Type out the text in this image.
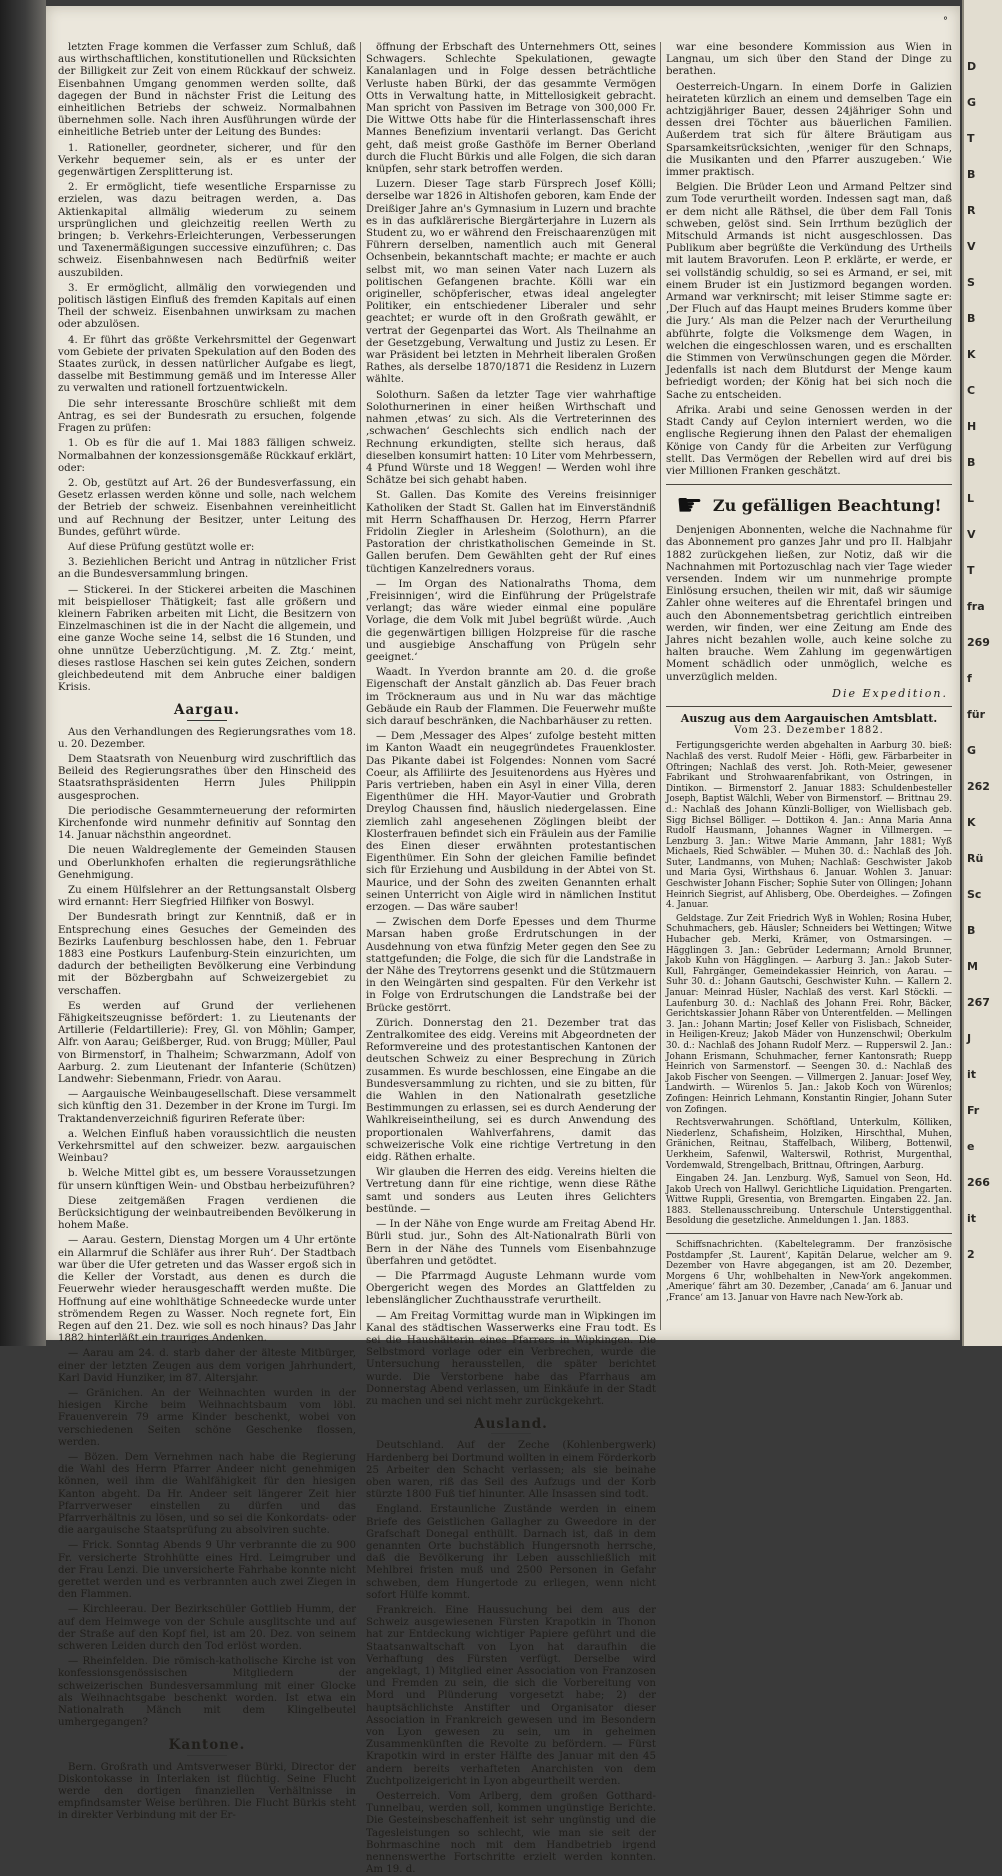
°

letzten Frage kommen die Verfasser zum Schluß, daß aus wirthschaftlichen, konstitutionellen und Rücksichten der Billigkeit zur Zeit von einem Rückkauf der schweiz. Eisenbahnen Umgang genommen werden sollte, daß dagegen der Bund in nächster Frist die Leitung des einheitlichen Betriebs der schweiz. Normalbahnen übernehmen solle. Nach ihren Ausführungen würde der einheitliche Betrieb unter der Leitung des Bundes:

1. Rationeller, geordneter, sicherer, und für den Verkehr bequemer sein, als er es unter der gegenwärtigen Zersplitterung ist.

2. Er ermöglicht, tiefe wesentliche Ersparnisse zu erzielen, was dazu beitragen werden, a. Das Aktienkapital allmälig wiederum zu seinem ursprünglichen und gleichzeitig reellen Werth zu bringen; b. Verkehrs-Erleichterungen, Verbesserungen und Taxenermäßigungen successive einzuführen; c. Das schweiz. Eisenbahnwesen nach Bedürfniß weiter auszubilden.

3. Er ermöglicht, allmälig den vorwiegenden und politisch lästigen Einfluß des fremden Kapitals auf einen Theil der schweiz. Eisenbahnen unwirksam zu machen oder abzulösen.

4. Er führt das größte Verkehrsmittel der Gegenwart vom Gebiete der privaten Spekulation auf den Boden des Staates zurück, in dessen natürlicher Aufgabe es liegt, dasselbe mit Bestimmung gemäß und im Interesse Aller zu verwalten und rationell fortzuentwickeln.

Die sehr interessante Broschüre schließt mit dem Antrag, es sei der Bundesrath zu ersuchen, folgende Fragen zu prüfen:

1. Ob es für die auf 1. Mai 1883 fälligen schweiz. Normalbahnen der konzessionsgemäße Rückkauf erklärt, oder:

2. Ob, gestützt auf Art. 26 der Bundesverfassung, ein Gesetz erlassen werden könne und solle, nach welchem der Betrieb der schweiz. Eisenbahnen vereinheitlicht und auf Rechnung der Besitzer, unter Leitung des Bundes, geführt würde.

Auf diese Prüfung gestützt wolle er:

3. Beziehlichen Bericht und Antrag in nützlicher Frist an die Bundesversammlung bringen.

— Stickerei. In der Stickerei arbeiten die Maschinen mit beispielloser Thätigkeit; fast alle größern und kleinern Fabriken arbeiten mit Licht, die Besitzern von Einzelmaschinen ist die in der Nacht die allgemein, und eine ganze Woche seine 14, selbst die 16 Stunden, und ohne unnütze Ueberzüchtigung. ‚M. Z. Ztg.‘ meint, dieses rastlose Haschen sei kein gutes Zeichen, sondern gleichbedeutend mit dem Anbruche einer baldigen Krisis.

Aargau.

Aus den Verhandlungen des Regierungsrathes vom 18. u. 20. Dezember.

Dem Staatsrath von Neuenburg wird zuschriftlich das Beileid des Regierungsrathes über den Hinscheid des Staatsrathspräsidenten Herrn Jules Philippin ausgesprochen.

Die periodische Gesammterneuerung der reformirten Kirchenfonde wird nunmehr definitiv auf Sonntag den 14. Januar nächsthin angeordnet.

Die neuen Waldreglemente der Gemeinden Stausen und Oberlunkhofen erhalten die regierungsräthliche Genehmigung.

Zu einem Hülfslehrer an der Rettungsanstalt Olsberg wird ernannt: Herr Siegfried Hilfiker von Boswyl.

Der Bundesrath bringt zur Kenntniß, daß er in Entsprechung eines Gesuches der Gemeinden des Bezirks Laufenburg beschlossen habe, den 1. Februar 1883 eine Postkurs Laufenburg-Stein einzurichten, um dadurch der betheiligten Bevölkerung eine Verbindung mit der Bözbergbahn auf Schweizergebiet zu verschaffen.

Es werden auf Grund der verliehenen Fähigkeitszeugnisse befördert: 1. zu Lieutenants der Artillerie (Feldartillerie): Frey, Gl. von Möhlin; Gamper, Alfr. von Aarau; Geißberger, Rud. von Brugg; Müller, Paul von Birmenstorf, in Thalheim; Schwarzmann, Adolf von Aarburg. 2. zum Lieutenant der Infanterie (Schützen) Landwehr: Siebenmann, Friedr. von Aarau.

— Aargauische Weinbaugesellschaft. Diese versammelt sich künftig den 31. Dezember in der Krone im Turgi. Im Traktandenverzeichniß figuriren Referate über:

a. Welchen Einfluß haben voraussichtlich die neusten Verkehrsmittel auf den schweizer. bezw. aargauischen Weinbau?

b. Welche Mittel gibt es, um bessere Voraussetzungen für unsern künftigen Wein- und Obstbau herbeizuführen?

Diese zeitgemäßen Fragen verdienen die Berücksichtigung der weinbautreibenden Bevölkerung in hohem Maße.

— Aarau. Gestern, Dienstag Morgen um 4 Uhr ertönte ein Allarmruf die Schläfer aus ihrer Ruh‘. Der Stadtbach war über die Ufer getreten und das Wasser ergoß sich in die Keller der Vorstadt, aus denen es durch die Feuerwehr wieder herausgeschafft werden mußte. Die Hoffnung auf eine wohlthätige Schneedecke wurde unter strömendem Regen zu Wasser. Noch regnete fort, Ein Regen auf den 21. Dez. wie soll es noch hinaus? Das Jahr 1882 hinterläßt ein trauriges Andenken.

— Aarau am 24. d. starb daher der älteste Mitbürger, einer der letzten Zeugen aus dem vorigen Jahrhundert, Karl David Hunziker, im 87. Altersjahr.

— Gränichen. An der Weihnachten wurden in der hiesigen Kirche beim Weihnachtsbaum vom löbl. Frauenverein 79 arme Kinder beschenkt, wobei von verschiedenen Seiten schöne Geschenke flossen, werden.

— Bözen. Dem Vernehmen nach habe die Regierung die Wahl des Herrn Pfarrer Andeer nicht genehmigen können, weil ihm die Wahlfähigkeit für den hiesigen Kanton abgeht. Da Hr. Andeer seit längerer Zeit hier Pfarrverweser einstellen zu dürfen und das Pfarrverhältnis zu lösen, und so sei die Konkordats- oder die aargauische Staatsprüfung zu absolviren suchte.

— Frick. Sonntag Abends 9 Uhr verbrannte die zu 900 Fr. versicherte Strohhütte eines Hrd. Leimgruber und der Frau Lenzi. Die unversicherte Fahrhabe konnte nicht gerettet werden und es verbrannten auch zwei Ziegen in den Flammen.

— Kirchleerau. Der Bezirkschüler Gottlieb Humm, der auf dem Heimwege von der Schule ausglitschte und auf der Straße auf den Kopf fiel, ist am 20. Dez. von seinem schweren Leiden durch den Tod erlöst worden.

— Rheinfelden. Die römisch-katholische Kirche ist von konfessionsgenössischen Mitgliedern der schweizerischen Bundesversammlung mit einer Glocke als Weihnachtsgabe beschenkt worden. Ist etwa ein Nationalrath Mänch mit dem Klingelbeutel umhergegangen?

Kantone.

Bern. Großrath und Amtsverweser Bürki, Director der Diskontokasse in Interlaken ist flüchtig. Seine Flucht werde den dortigen finanziellen Verhältnisse in empfindsamster Weise berühren. Die Flucht Bürkis steht in direkter Verbindung mit der Er-

öffnung der Erbschaft des Unternehmers Ott, seines Schwagers. Schlechte Spekulationen, gewagte Kanalanlagen und in Folge dessen beträchtliche Verluste haben Bürki, der das gesammte Vermögen Otts in Verwaltung hatte, in Mittellosigkeit gebracht. Man spricht von Passiven im Betrage von 300,000 Fr. Die Wittwe Otts habe für die Hinterlassenschaft ihres Mannes Benefizium inventarii verlangt. Das Gericht geht, daß meist große Gasthöfe im Berner Oberland durch die Flucht Bürkis und alle Folgen, die sich daran knüpfen, sehr stark betroffen werden.

Luzern. Dieser Tage starb Fürsprech Josef Kölli; derselbe war 1826 in Altishofen geboren, kam Ende der Dreißiger Jahre an's Gymnasium in Luzern und brachte es in das aufklärerische Biergärterjahre in Luzern als Student zu, wo er während den Freischaarenzügen mit Führern derselben, namentlich auch mit General Ochsenbein, bekanntschaft machte; er machte er auch selbst mit, wo man seinen Vater nach Luzern als politischen Gefangenen brachte. Kölli war ein origineller, schöpferischer, etwas ideal angelegter Politiker, ein entschiedener Liberaler und sehr geachtet; er wurde oft in den Großrath gewählt, er vertrat der Gegenpartei das Wort. Als Theilnahme an der Gesetzgebung, Verwaltung und Justiz zu Lesen. Er war Präsident bei letzten in Mehrheit liberalen Großen Rathes, als derselbe 1870/1871 die Residenz in Luzern wählte.

Solothurn. Saßen da letzter Tage vier wahrhaftige Solothurnerinen in einer heißen Wirthschaft und nahmen ‚etwas‘ zu sich. Als die Vertreterinnen des ‚schwachen‘ Geschlechts sich endlich nach der Rechnung erkundigten, stellte sich heraus, daß dieselben konsumirt hatten: 10 Liter vom Mehrbessern, 4 Pfund Würste und 18 Weggen! — Werden wohl ihre Schätze bei sich gehabt haben.

St. Gallen. Das Komite des Vereins freisinniger Katholiken der Stadt St. Gallen hat im Einverständniß mit Herrn Schaffhausen Dr. Herzog, Herrn Pfarrer Fridolin Ziegler in Arlesheim (Solothurn), an die Pastoration der christkatholischen Gemeinde in St. Gallen berufen. Dem Gewählten geht der Ruf eines tüchtigen Kanzelredners voraus.

— Im Organ des Nationalraths Thoma, dem ‚Freisinnigen‘, wird die Einführung der Prügelstrafe verlangt; das wäre wieder einmal eine populäre Vorlage, die dem Volk mit Jubel begrüßt würde. ‚Auch die gegenwärtigen billigen Holzpreise für die rasche und ausgiebige Anschaffung von Prügeln sehr geeignet.‘

Waadt. In Yverdon brannte am 20. d. die große Eigenschaft der Anstalt gänzlich ab. Das Feuer brach im Tröckneraum aus und in Nu war das mächtige Gebäude ein Raub der Flammen. Die Feuerwehr mußte sich darauf beschränken, die Nachbarhäuser zu retten.

— Dem ‚Messager des Alpes‘ zufolge besteht mitten im Kanton Waadt ein neugegründetes Frauenkloster. Das Pikante dabei ist Folgendes: Nonnen vom Sacré Coeur, als Affiliirte des Jesuitenordens aus Hyères und Paris vertrieben, haben ein Asyl in einer Villa, deren Eigenthümer die HH. Mayor-Vautier und Grobrath Dreylog Chaussen find, häuslich niedergelassen. Eine ziemlich zahl angesehenen Zöglingen bleibt der Klosterfrauen befindet sich ein Fräulein aus der Familie des Einen dieser erwähnten protestantischen Eigenthümer. Ein Sohn der gleichen Familie befindet sich für Erziehung und Ausbildung in der Abtei von St. Maurice, und der Sohn des zweiten Genannten erhalt seinen Unterricht von Aigle wird in nämlichen Institut erzogen. — Das wäre sauber!

— Zwischen dem Dorfe Epesses und dem Thurme Marsan haben große Erdrutschungen in der Ausdehnung von etwa fünfzig Meter gegen den See zu stattgefunden; die Folge, die sich für die Landstraße in der Nähe des Treytorrens gesenkt und die Stützmauern in den Weingärten sind gespalten. Für den Verkehr ist in Folge von Erdrutschungen die Landstraße bei der Brücke gestörrt.

Zürich. Donnerstag den 21. Dezember trat das Zentralkomitee des eidg. Vereins mit Abgeordneten der Reformvereine und des protestantischen Kantonen der deutschen Schweiz zu einer Besprechung in Zürich zusammen. Es wurde beschlossen, eine Eingabe an die Bundesversammlung zu richten, und sie zu bitten, für die Wahlen in den Nationalrath gesetzliche Bestimmungen zu erlassen, sei es durch Aenderung der Wahlkreiseintheilung, sei es durch Anwendung des proportionalen Wahlverfahrens, damit das schweizerische Volk eine richtige Vertretung in den eidg. Räthen erhalte.

Wir glauben die Herren des eidg. Vereins hielten die Vertretung dann für eine richtige, wenn diese Räthe samt und sonders aus Leuten ihres Gelichters bestünde. —

— In der Nähe von Enge wurde am Freitag Abend Hr. Bürli stud. jur., Sohn des Alt-Nationalrath Bürli von Bern in der Nähe des Tunnels vom Eisenbahnzuge überfahren und getödtet.

— Die Pfarrmagd Auguste Lehmann wurde vom Obergericht wegen des Mordes an Glattfelden zu lebenslänglicher Zuchthausstrafe verurtheilt.

— Am Freitag Vormittag wurde man in Wipkingen im Kanal des städtischen Wasserwerks eine Frau todt. Es sei die Haushälterin eines Pfarrers in Wipkingen. Die Selbstmord vorlage oder ein Verbrechen, wurde die Untersuchung herausstellen, die später berichtet wurde. Die Verstorbene habe das Pfarrhaus am Donnerstag Abend verlassen, um Einkäufe in der Stadt zu machen und sei nicht mehr zurückgekehrt.

Ausland.

Deutschland. Auf der Zeche (Kohlenbergwerk) Hardenberg bei Dortmund wollten in einem Förderkorb 25 Arbeiter den Schacht verlassen; als sie beinahe oben waren, riß das Seil des Aufzugs und der Korb stürzte 1800 Fuß tief hinunter. Alle Insassen sind todt.

England. Erstaunliche Zustände werden in einem Briefe des Geistlichen Gallagher zu Gweedore in der Grafschaft Donegal enthüllt. Darnach ist, daß in dem genannten Orte buchstäblich Hungersnoth herrsche, daß die Bevölkerung ihr Leben ausschließlich mit Mehlbrei fristen muß und 2500 Personen in Gefahr schweben, dem Hungertode zu erliegen, wenn nicht sofort Hülfe kommt.

Frankreich. Eine Haussuchung bei dem aus der Schweiz ausgewiesenen Fürsten Krapotkin in Thonon hat zur Entdeckung wichtiger Papiere geführt und die Staatsanwaltschaft von Lyon hat daraufhin die Verhaftung des Fürsten verfügt. Derselbe wird angeklagt, 1) Mitglied einer Association von Franzosen und Fremden zu sein, die sich die Vorbereitung von Mord und Plünderung vorgesetzt habe; 2) der hauptsächlichste Anstifter und Organisator dieser Association in Frankreich gewesen und im Besondern von Lyon gewesen zu sein, um in geheimen Zusammenkünften die Revolte zu befördern. — Fürst Krapotkin wird in erster Hälfte des Januar mit den 45 andern bereits verhafteten Anarchisten von dem Zuchtpolizeigericht in Lyon abgeurtheilt werden.

Oesterreich. Vom Arlberg, dem großen Gotthard-Tunnelbau, werden soll, kommen ungünstige Berichte. Die Gesteinsbeschaffenheit ist sehr ungünstig und die Tagesleistungen so schlecht, wie man sie seit der Bohrmaschine noch mit dem Handbetrieb irgend nennenswerthe Fortschritte erzielt werden konnten. Am 19. d.

war eine besondere Kommission aus Wien in Langnau, um sich über den Stand der Dinge zu berathen.

Oesterreich-Ungarn. In einem Dorfe in Galizien heirateten kürzlich an einem und demselben Tage ein achtzigjähriger Bauer, dessen 24jähriger Sohn und dessen drei Töchter aus bäuerlichen Familien. Außerdem trat sich für ältere Bräutigam aus Sparsamkeitsrücksichten, ‚weniger für den Schnaps, die Musikanten und den Pfarrer auszugeben.‘ Wie immer praktisch.

Belgien. Die Brüder Leon und Armand Peltzer sind zum Tode verurtheilt worden. Indessen sagt man, daß er dem nicht alle Räthsel, die über dem Fall Tonis schweben, gelöst sind. Sein Irrthum bezüglich der Mitschuld Armands ist nicht ausgeschlossen. Das Publikum aber begrüßte die Verkündung des Urtheils mit lautem Bravorufen. Leon P. erklärte, er werde, er sei vollständig schuldig, so sei es Armand, er sei, mit einem Bruder ist ein Justizmord begangen worden. Armand war verknirscht; mit leiser Stimme sagte er: ‚Der Fluch auf das Haupt meines Bruders komme über die Jury.‘ Als man die Pelzer nach der Verurtheilung abführte, folgte die Volksmenge dem Wagen, in welchen die eingeschlossen waren, und es erschallten die Stimmen von Verwünschungen gegen die Mörder. Jedenfalls ist nach dem Blutdurst der Menge kaum befriedigt worden; der König hat bei sich noch die Sache zu entscheiden.

Afrika. Arabi und seine Genossen werden in der Stadt Candy auf Ceylon interniert werden, wo die englische Regierung ihnen den Palast der ehemaligen Könige von Candy für die Arbeiten zur Verfügung stellt. Das Vermögen der Rebellen wird auf drei bis vier Millionen Franken geschätzt.

☛ Zu gefälligen Beachtung!

Denjenigen Abonnenten, welche die Nachnahme für das Abonnement pro ganzes Jahr und pro II. Halbjahr 1882 zurückgehen ließen, zur Notiz, daß wir die Nachnahmen mit Portozuschlag nach vier Tage wieder versenden. Indem wir um nunmehrige prompte Einlösung ersuchen, theilen wir mit, daß wir säumige Zahler ohne weiteres auf die Ehrentafel bringen und auch den Abonnementsbetrag gerichtlich eintreiben werden, wir finden, wer eine Zeitung am Ende des Jahres nicht bezahlen wolle, auch keine solche zu halten brauche. Wem Zahlung im gegenwärtigen Moment schädlich oder unmöglich, welche es unverzüglich melden.

Die Expedition.

Auszug aus dem Aargauischen Amtsblatt.
Vom 23. Dezember 1882.

Fertigungsgerichte werden abgehalten in Aarburg 30. bieß: Nachlaß des verst. Rudolf Meier - Höfli, gew. Färbarbeiter in Oftringen; Nachlaß des verst. Joh. Roth-Meier, gewesener Fabrikant und Strohwaarenfabrikant, von Ostringen, in Dintikon. — Birmenstorf 2. Januar 1883: Schuldenbesteller Joseph, Baptist Wälchli, Weber von Birmenstorf. — Brittnau 29. d.: Nachlaß des Johann Künzli-Bolliger, von Wiellisbach geb. Sigg Bichsel Bölliger. — Dottikon 4. Jan.: Anna Maria Anna Rudolf Hausmann, Johannes Wagner in Villmergen. — Lenzburg 3. Jan.: Witwe Marie Ammann, Jahr 1881; Wyß Michaels, Ried Schwäbler. — Muhen 30. d.: Nachlaß des Joh. Suter, Landmanns, von Muhen; Nachlaß: Geschwister Jakob und Maria Gysi, Wirthshaus 6. Januar. Wohlen 3. Januar: Geschwister Johann Fischer; Sophie Suter von Ollingen; Johann Heinrich Siegrist, auf Ahlisberg, Obe. Oberdeighes. — Zofingen 4. Januar.

Geldstage. Zur Zeit Friedrich Wyß in Wohlen; Rosina Huber, Schuhmachers, geb. Häusler; Schneiders bei Wettingen; Witwe Hubacher geb. Merki, Krämer, von Ostmarsingen. — Hägglingen 3. Jan.: Gebrüder Ledermann; Arnold Brunner, Jakob Kuhn von Hägglingen. — Aarburg 3. Jan.: Jakob Suter-Kull, Fahrgänger, Gemeindekassier Heinrich, von Aarau. — Suhr 30. d.: Johann Gautschi, Geschwister Kuhn. — Kallern 2. Januar: Meinrad Hüsler, Nachlaß des verst. Karl Stöckli. — Laufenburg 30. d.: Nachlaß des Johann Frei. Rohr, Bäcker, Gerichtskassier Johann Räber von Unterentfelden. — Mellingen 3. Jan.: Johann Martin; Josef Keller von Fislisbach, Schneider, in Heiligen-Kreuz; Jakob Mäder von Hunzenschwil; Oberkulm 30. d.: Nachlaß des Johann Rudolf Merz. — Rupperswil 2. Jan.: Johann Erismann, Schuhmacher, ferner Kantonsrath; Ruepp Heinrich von Sarmenstorf. — Seengen 30. d.: Nachlaß des Jakob Fischer von Seengen. — Villmergen 2. Januar: Josef Wey, Landwirth. — Würenlos 5. Jan.: Jakob Koch von Würenlos; Zofingen: Heinrich Lehmann, Konstantin Ringier, Johann Suter von Zofingen.

Rechtsverwahrungen. Schöftland, Unterkulm, Kölliken, Niederlenz, Schafisheim, Holziken, Hirschthal, Muhen, Gränichen, Reitnau, Staffelbach, Wiliberg, Bottenwil, Uerkheim, Safenwil, Walterswil, Rothrist, Murgenthal, Vordemwald, Strengelbach, Brittnau, Oftringen, Aarburg.

Eingaben 24. Jan. Lenzburg. Wyß, Samuel von Seon, Hd. Jakob Urech von Hallwyl. Gerichtliche Liquidation. Prengarten. Wittwe Ruppli, Gresentia, von Bremgarten. Eingaben 22. Jan. 1883. Stellenausschreibung. Unterschule Unterstiggenthal. Besoldung die gesetzliche. Anmeldungen 1. Jan. 1883.

Schiffsnachrichten. (Kabeltelegramm. Der französische Postdampfer ‚St. Laurent‘, Kapitän Delarue, welcher am 9. Dezember von Havre abgegangen, ist am 20. Dezember, Morgens 6 Uhr, wohlbehalten in New-York angekommen. ‚Amerique‘ fährt am 30. Dezember, ‚Canada‘ am 6. Januar und ‚France‘ am 13. Januar von Havre nach New-York ab.

D
G
T
B
R
V
S
B
K
C
H
B
L
V
T
fra
269
f
für
G
262
K
Rü
Sc
B
M
267
J
it
Fr
e
266
it
2
